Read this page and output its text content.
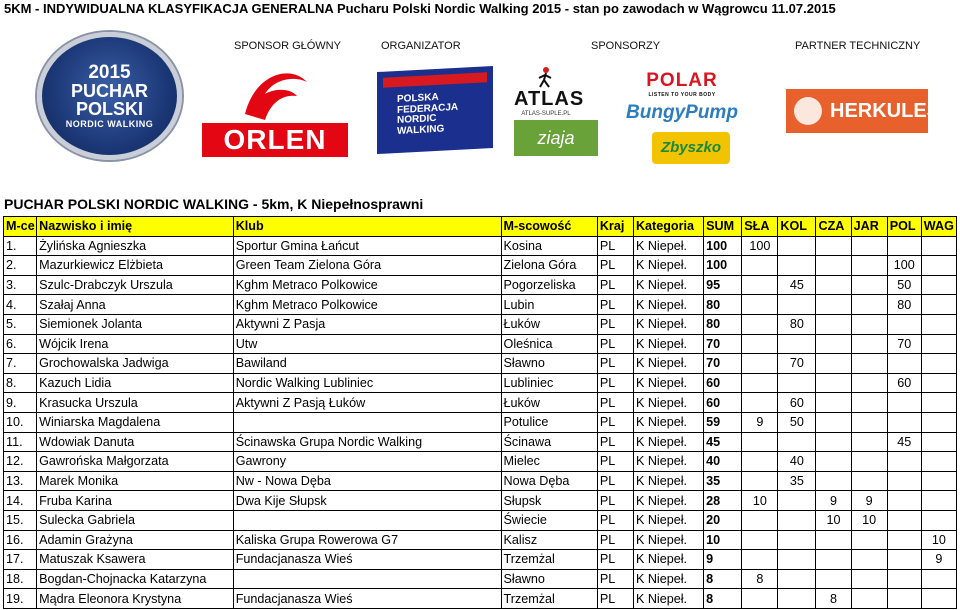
5KM - INDYWIDUALNA KLASYFIKACJA GENERALNA Pucharu Polski Nordic Walking 2015 - stan po zawodach w Wągrowcu 11.07.2015
SPONSOR GŁÓWNY	ORGANIZATOR	SPONSORZY	PARTNER TECHNICZNY
2015
PUCHAR
POLSKI
NORDIC WALKING	ORLEN
POLSKA
FEDERACJA
NORDIC
WALKING
ATLAS
ATLAS-SUPLE.PL
ziaja
POLAR
LISTEN TO YOUR BODY
BungyPump
Zbyszko
HERKULES
PUCHAR POLSKI NORDIC WALKING - 5km, K Niepełnosprawni
M-ce	Nazwisko i imię	Klub	M-scowość	Kraj	Kategoria	SUM	SŁA	KOL	CZA	JAR	POL	WAG
1.	Żylińska Agnieszka	Sportur Gmina Łańcut	Kosina	PL	K Niepeł.	100	100					
2.	Mazurkiewicz Elżbieta	Green Team Zielona Góra	Zielona Góra	PL	K Niepeł.	100					100	
3.	Szulc-Drabczyk Urszula	Kghm Metraco Polkowice	Pogorzeliska	PL	K Niepeł.	95		45			50	
4.	Szałaj Anna	Kghm Metraco Polkowice	Lubin	PL	K Niepeł.	80					80	
5.	Siemionek Jolanta	Aktywni Z Pasja	Łuków	PL	K Niepeł.	80		80				
6.	Wójcik Irena	Utw	Oleśnica	PL	K Niepeł.	70					70	
7.	Grochowalska Jadwiga	Bawiland	Sławno	PL	K Niepeł.	70		70				
8.	Kazuch Lidia	Nordic Walking Lubliniec	Lubliniec	PL	K Niepeł.	60					60	
9.	Krasucka Urszula	Aktywni Z Pasją Łuków	Łuków	PL	K Niepeł.	60		60				
10.	Winiarska Magdalena		Potulice	PL	K Niepeł.	59	9	50				
11.	Wdowiak Danuta	Ścinawska Grupa Nordic Walking	Ścinawa	PL	K Niepeł.	45					45	
12.	Gawrońska Małgorzata	Gawrony	Mielec	PL	K Niepeł.	40		40				
13.	Marek Monika	Nw - Nowa Dęba	Nowa Dęba	PL	K Niepeł.	35		35				
14.	Fruba Karina	Dwa Kije Słupsk	Słupsk	PL	K Niepeł.	28	10		9	9		
15.	Sulecka Gabriela		Świecie	PL	K Niepeł.	20			10	10		
16.	Adamin Grażyna	Kaliska Grupa Rowerowa G7	Kalisz	PL	K Niepeł.	10						10
17.	Matuszak Ksawera	Fundacjanasza Wieś	Trzemżal	PL	K Niepeł.	9						9
18.	Bogdan-Chojnacka Katarzyna		Sławno	PL	K Niepeł.	8	8					
19.	Mądra Eleonora Krystyna	Fundacjanasza Wieś	Trzemżal	PL	K Niepeł.	8			8			
